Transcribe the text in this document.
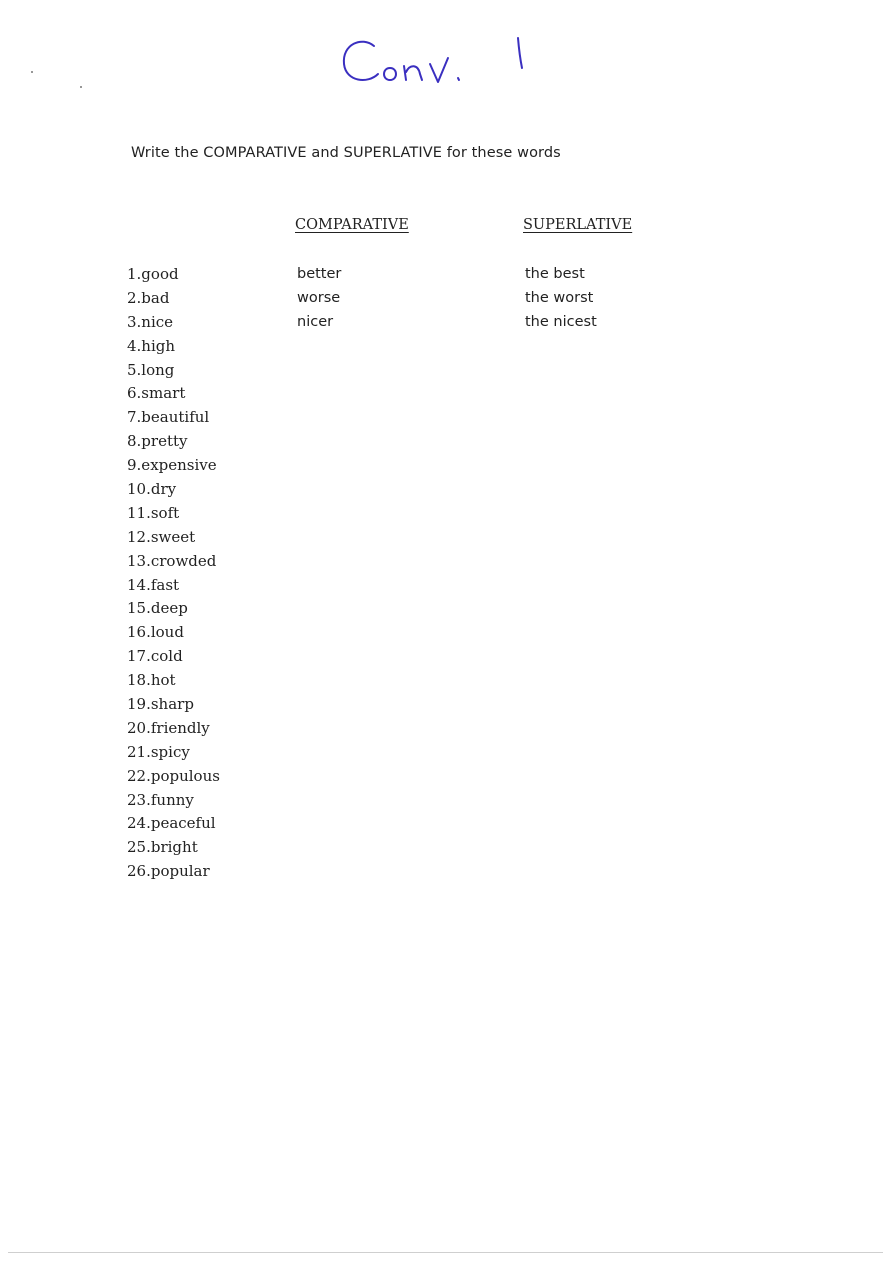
Write the COMPARATIVE and SUPERLATIVE for these words
COMPARATIVE	SUPERLATIVE
1.good
2.bad
3.nice
4.high
5.long
6.smart
7.beautiful
8.pretty
9.expensive
10.dry
11.soft
12.sweet
13.crowded
14.fast
15.deep
16.loud
17.cold
18.hot
19.sharp
20.friendly
21.spicy
22.populous
23.funny
24.peaceful
25.bright
26.popular
better
worse
nicer
the best
the worst
the nicest
